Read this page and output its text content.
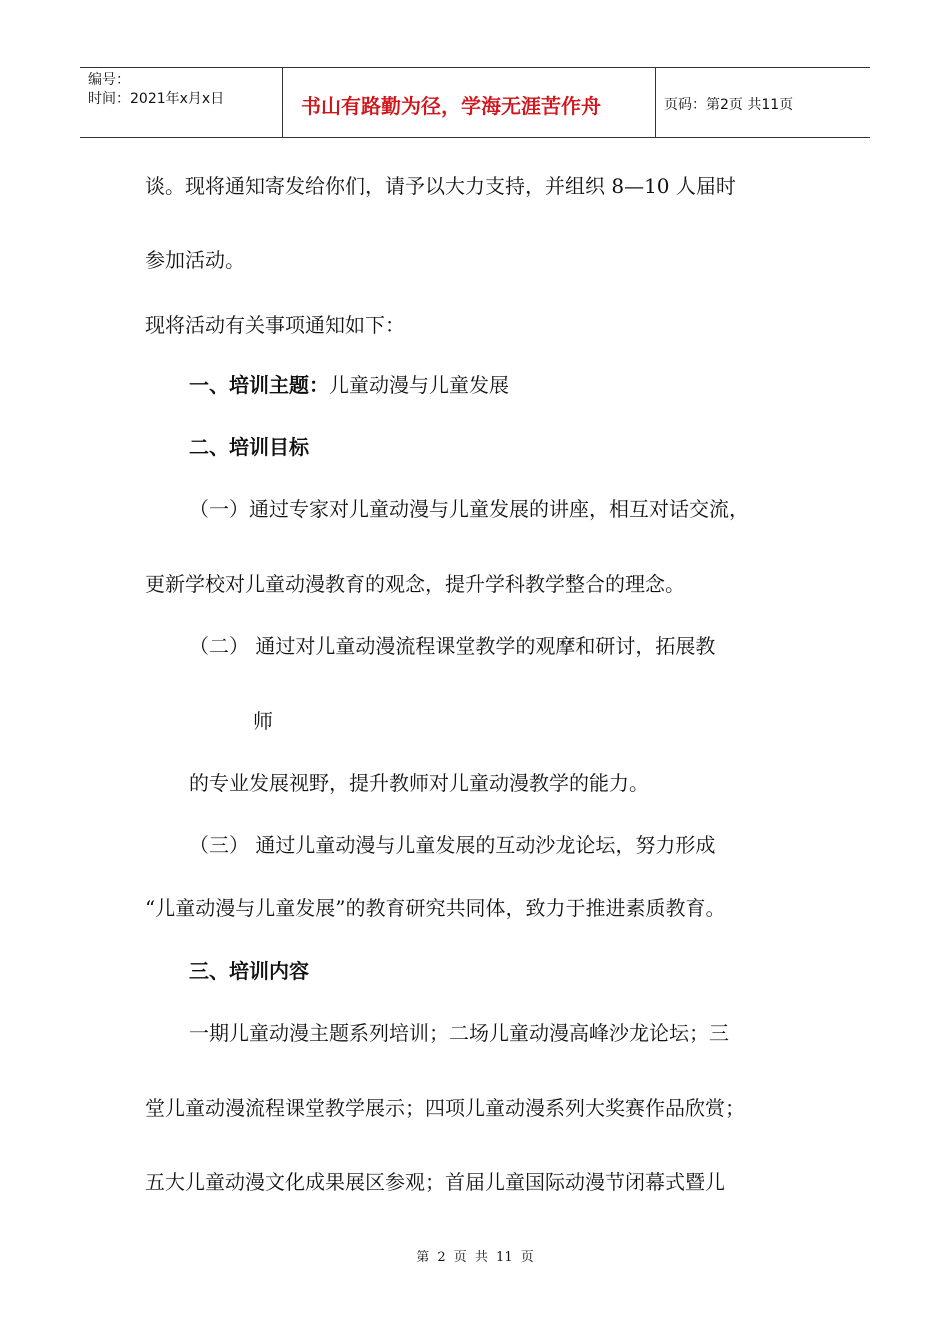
编号：
时间：2021年x月x日	书山有路勤为径，学海无涯苦作舟	页码：第2页 共11页
谈。现将通知寄发给你们，请予以大力支持，并组织 8—10 人届时
参加活动。
现将活动有关事项通知如下：
一、培训主题：儿童动漫与儿童发展
二、培训目标
（一）通过专家对儿童动漫与儿童发展的讲座，相互对话交流，
更新学校对儿童动漫教育的观念，提升学科教学整合的理念。
（二） 通过对儿童动漫流程课堂教学的观摩和研讨，拓展教
师
的专业发展视野，提升教师对儿童动漫教学的能力。
（三） 通过儿童动漫与儿童发展的互动沙龙论坛，努力形成
“儿童动漫与儿童发展”的教育研究共同体，致力于推进素质教育。
三、培训内容
一期儿童动漫主题系列培训；二场儿童动漫高峰沙龙论坛；三
堂儿童动漫流程课堂教学展示；四项儿童动漫系列大奖赛作品欣赏；
五大儿童动漫文化成果展区参观；首届儿童国际动漫节闭幕式暨儿
第 2 页 共 11 页
